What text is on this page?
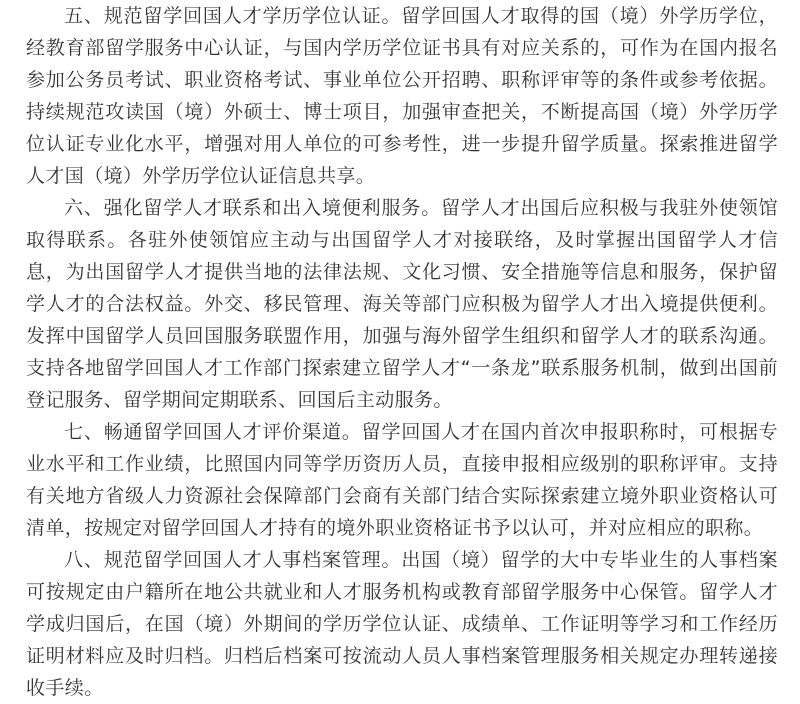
五、规范留学回国人才学历学位认证。留学回国人才取得的国（境）外学历学位，经教育部留学服务中心认证，与国内学历学位证书具有对应关系的，可作为在国内报名参加公务员考试、职业资格考试、事业单位公开招聘、职称评审等的条件或参考依据。持续规范攻读国（境）外硕士、博士项目，加强审查把关，不断提高国（境）外学历学位认证专业化水平，增强对用人单位的可参考性，进一步提升留学质量。探索推进留学人才国（境）外学历学位认证信息共享。

六、强化留学人才联系和出入境便利服务。留学人才出国后应积极与我驻外使领馆取得联系。各驻外使领馆应主动与出国留学人才对接联络，及时掌握出国留学人才信息，为出国留学人才提供当地的法律法规、文化习惯、安全措施等信息和服务，保护留学人才的合法权益。外交、移民管理、海关等部门应积极为留学人才出入境提供便利。发挥中国留学人员回国服务联盟作用，加强与海外留学生组织和留学人才的联系沟通。支持各地留学回国人才工作部门探索建立留学人才“一条龙”联系服务机制，做到出国前登记服务、留学期间定期联系、回国后主动服务。

七、畅通留学回国人才评价渠道。留学回国人才在国内首次申报职称时，可根据专业水平和工作业绩，比照国内同等学历资历人员，直接申报相应级别的职称评审。支持有关地方省级人力资源社会保障部门会商有关部门结合实际探索建立境外职业资格认可清单，按规定对留学回国人才持有的境外职业资格证书予以认可，并对应相应的职称。

八、规范留学回国人才人事档案管理。出国（境）留学的大中专毕业生的人事档案可按规定由户籍所在地公共就业和人才服务机构或教育部留学服务中心保管。留学人才学成归国后，在国（境）外期间的学历学位认证、成绩单、工作证明等学习和工作经历证明材料应及时归档。归档后档案可按流动人员人事档案管理服务相关规定办理转递接收手续。
